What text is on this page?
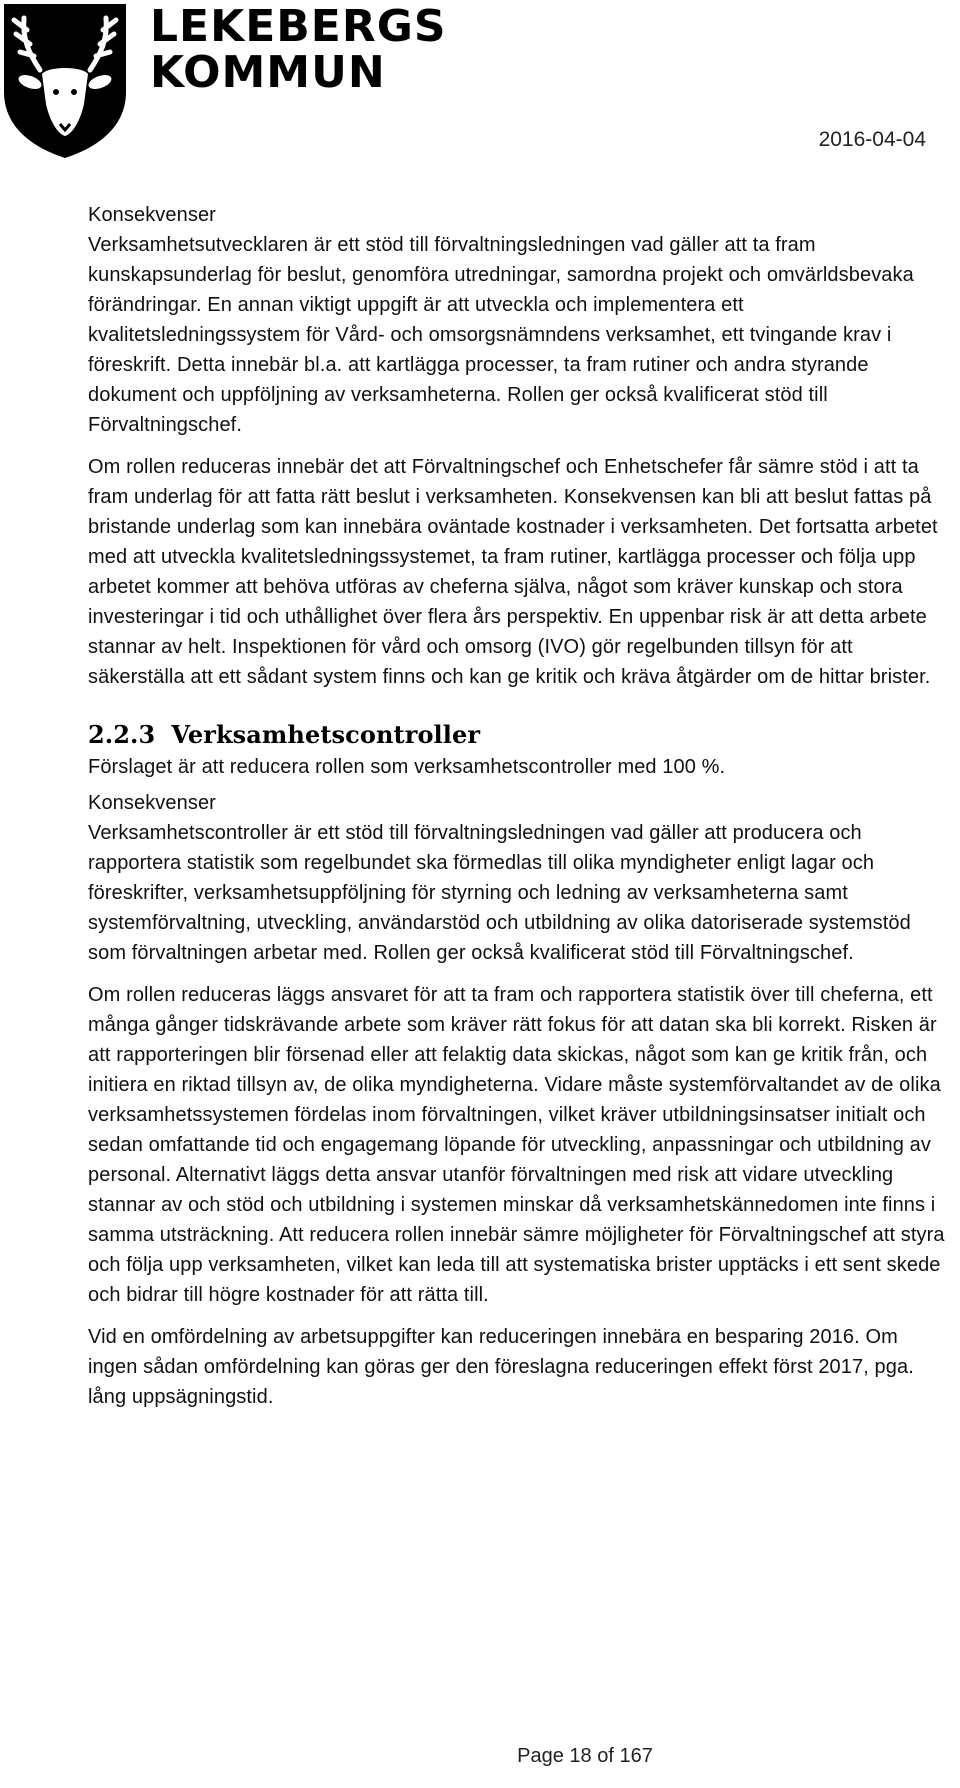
LEKEBERGS
KOMMUN
2016-04-04

Konsekvenser

Verksamhetsutvecklaren är ett stöd till förvaltningsledningen vad gäller att ta fram kunskapsunderlag för beslut, genomföra utredningar, samordna projekt och omvärldsbevaka förändringar. En annan viktigt uppgift är att utveckla och implementera ett kvalitetsledningssystem för Vård- och omsorgsnämndens verksamhet, ett tvingande krav i föreskrift. Detta innebär bl.a. att kartlägga processer, ta fram rutiner och andra styrande dokument och uppföljning av verksamheterna. Rollen ger också kvalificerat stöd till Förvaltningschef.

Om rollen reduceras innebär det att Förvaltningschef och Enhetschefer får sämre stöd i att ta fram underlag för att fatta rätt beslut i verksamheten. Konsekvensen kan bli att beslut fattas på bristande underlag som kan innebära oväntade kostnader i verksamheten. Det fortsatta arbetet med att utveckla kvalitetsledningssystemet, ta fram rutiner, kartlägga processer och följa upp arbetet kommer att behöva utföras av cheferna själva, något som kräver kunskap och stora investeringar i tid och uthållighet över flera års perspektiv. En uppenbar risk är att detta arbete stannar av helt. Inspektionen för vård och omsorg (IVO) gör regelbunden tillsyn för att säkerställa att ett sådant system finns och kan ge kritik och kräva åtgärder om de hittar brister.

2.2.3 Verksamhetscontroller

Förslaget är att reducera rollen som verksamhetscontroller med 100 %.

Konsekvenser

Verksamhetscontroller är ett stöd till förvaltningsledningen vad gäller att producera och rapportera statistik som regelbundet ska förmedlas till olika myndigheter enligt lagar och föreskrifter, verksamhetsuppföljning för styrning och ledning av verksamheterna samt systemförvaltning, utveckling, användarstöd och utbildning av olika datoriserade systemstöd som förvaltningen arbetar med. Rollen ger också kvalificerat stöd till Förvaltningschef.

Om rollen reduceras läggs ansvaret för att ta fram och rapportera statistik över till cheferna, ett många gånger tidskrävande arbete som kräver rätt fokus för att datan ska bli korrekt. Risken är att rapporteringen blir försenad eller att felaktig data skickas, något som kan ge kritik från, och initiera en riktad tillsyn av, de olika myndigheterna. Vidare måste systemförvaltandet av de olika verksamhetssystemen fördelas inom förvaltningen, vilket kräver utbildningsinsatser initialt och sedan omfattande tid och engagemang löpande för utveckling, anpassningar och utbildning av personal. Alternativt läggs detta ansvar utanför förvaltningen med risk att vidare utveckling stannar av och stöd och utbildning i systemen minskar då verksamhetskännedomen inte finns i samma utsträckning. Att reducera rollen innebär sämre möjligheter för Förvaltningschef att styra och följa upp verksamheten, vilket kan leda till att systematiska brister upptäcks i ett sent skede och bidrar till högre kostnader för att rätta till.

Vid en omfördelning av arbetsuppgifter kan reduceringen innebära en besparing 2016. Om ingen sådan omfördelning kan göras ger den föreslagna reduceringen effekt först 2017, pga. lång uppsägningstid.

Page 18 of 167
